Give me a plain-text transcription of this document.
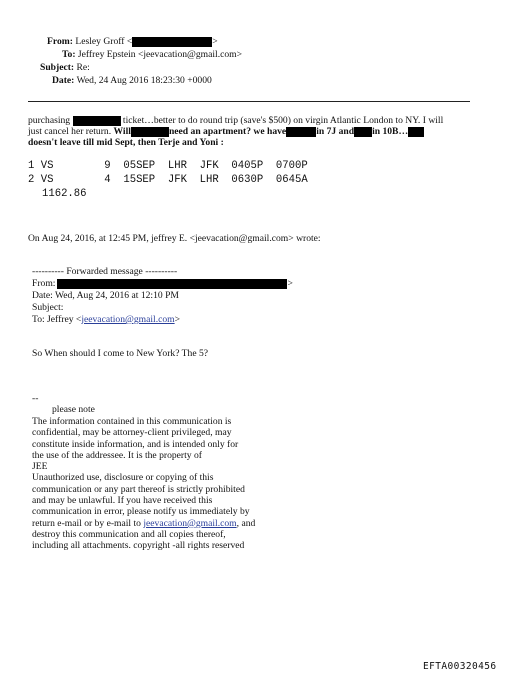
From: Lesley Groff <	>
To: Jeffrey Epstein <jeevacation@gmail.com>
Subject: Re:
Date: Wed, 24 Aug 2016 18:23:30 +0000
purchasing	ticket…better to do round trip (save's $500) on virgin Atlantic London to NY. I will
just cancel her return. Will	need an apartment? we have	in 7J and in 10B…
doesn't leave till mid Sept, then Terje and Yoni :
1 VS        9  05SEP  LHR  JFK  0405P  0700P
2 VS        4  15SEP  JFK  LHR  0630P  0645A
1162.86
On Aug 24, 2016, at 12:45 PM, jeffrey E. <jeevacation@gmail.com> wrote:
---------- Forwarded message ----------
From:	>
Date: Wed, Aug 24, 2016 at 12:10 PM
Subject:
To: Jeffrey <jeevacation@gmail.com>
So When should I come to New York? The 5?
--
please note
The information contained in this communication is
confidential, may be attorney-client privileged, may
constitute inside information, and is intended only for
the use of the addressee. It is the property of
JEE
Unauthorized use, disclosure or copying of this
communication or any part thereof is strictly prohibited
and may be unlawful. If you have received this
communication in error, please notify us immediately by
return e-mail or by e-mail to jeevacation@gmail.com, and
destroy this communication and all copies thereof,
including all attachments. copyright -all rights reserved
EFTA00320456
